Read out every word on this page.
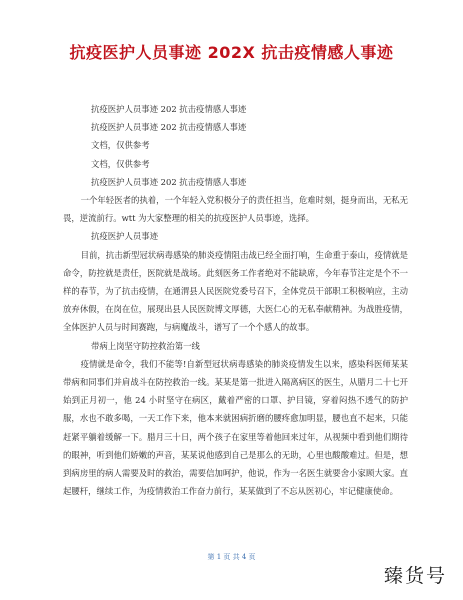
抗疫医护人员事迹 202X 抗击疫情感人事迹
抗疫医护人员事迹 202 抗击疫情感人事迹
抗疫医护人员事迹 202 抗击疫情感人事迹
文档，仅供参考
文档，仅供参考
抗疫医护人员事迹 202 抗击疫情感人事迹
一个年轻医者的执着，一个年轻入党积极分子的责任担当，危难时刻，挺身而出，无私无畏，逆流前行。wtt 为大家整理的相关的抗疫医护人员事迹，选择。
抗疫医护人员事迹
目前，抗击新型冠状病毒感染的肺炎疫情阻击战已经全面打响，生命重于泰山，疫情就是命令，防控就是责任，医院就是战场。此刻医务工作者绝对不能缺席，今年春节注定是个不一样的春节，为了抗击疫情，在通渭县人民医院党委号召下，全体党员干部职工积极响应，主动放弃休假，在岗在位，展现出县人民医院博文厚德，大医仁心的无私奉献精神。为战胜疫情，全体医护人员与时间赛跑，与病魔战斗，谱写了一个个感人的故事。
带病上岗坚守防控救治第一线
疫情就是命令，我们不能等!自新型冠状病毒感染的肺炎疫情发生以来，感染科医师某某带病和同事们并肩战斗在防控救治一线。某某是第一批进入隔离病区的医生，从腊月二十七开始到正月初一，他 24 小时坚守在病区，戴着严密的口罩、护目镜，穿着闷热不透气的防护服，水也不敢多喝，一天工作下来，他本来就困病折磨的腰疼愈加明显，腰也直不起来，只能赶紧平躺着缓解一下。腊月三十日，两个孩子在家里等着他回来过年，从视频中看到他们期待的眼神，听到他们娇嫩的声音，某某说他感到自己是那么的无助，心里也酸酸难过。但是，想到病房里的病人需要及时的救治，需要信加呵护，他说，作为一名医生就要舍小家顾大家。直起腰杆，继续工作，为疫情救治工作奋力前行，某某做到了不忘从医初心，牢记健康使命。
第 1 页 共 4 页
臻货号
